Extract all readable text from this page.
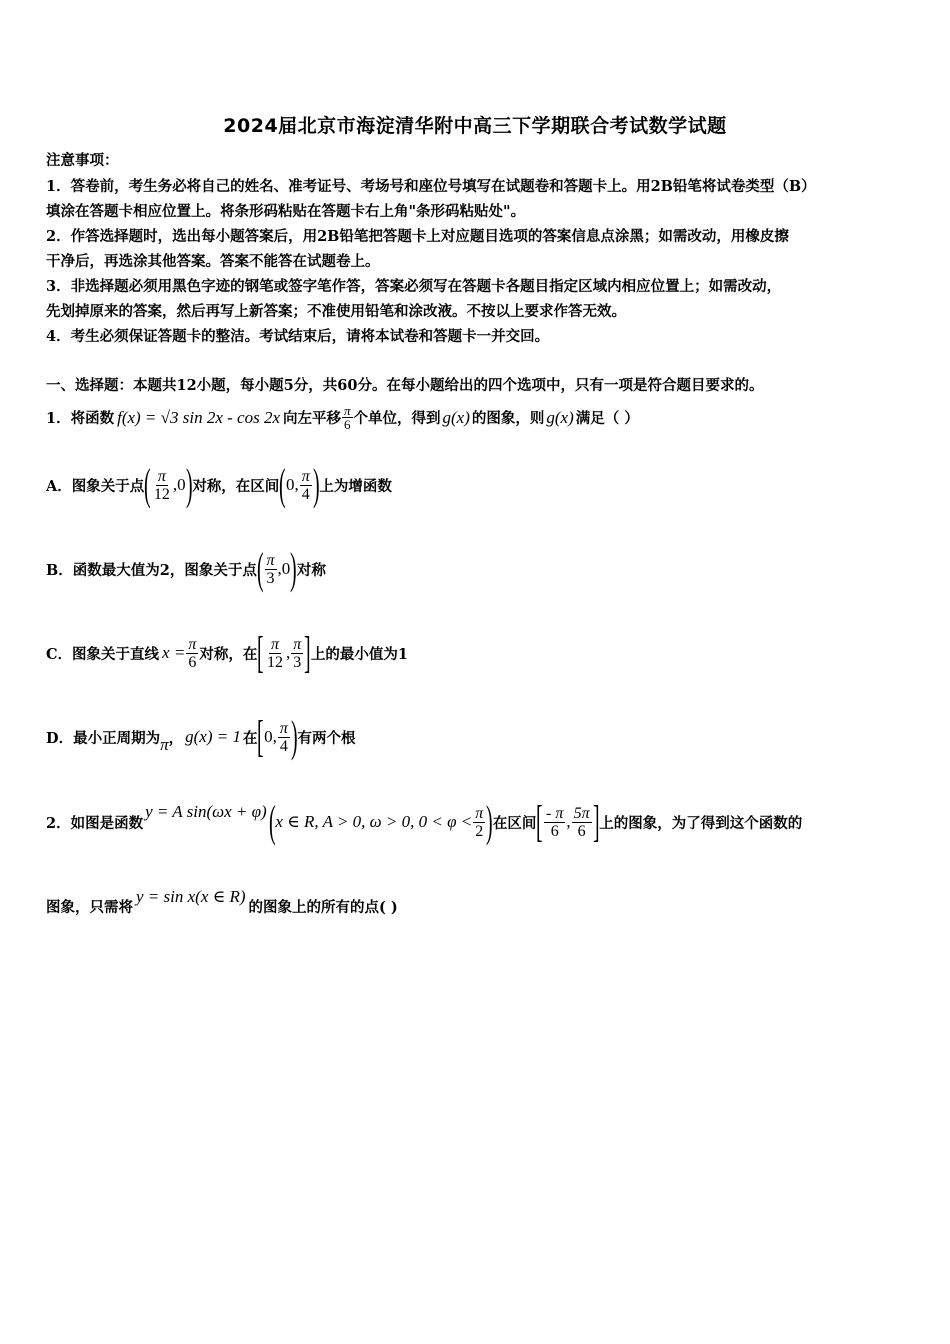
2024届北京市海淀清华附中高三下学期联合考试数学试题
注意事项：
1．答卷前，考生务必将自己的姓名、准考证号、考场号和座位号填写在试题卷和答题卡上。用2B铅笔将试卷类型（B）
填涂在答题卡相应位置上。将条形码粘贴在答题卡右上角"条形码粘贴处"。
2．作答选择题时，选出每小题答案后，用2B铅笔把答题卡上对应题目选项的答案信息点涂黑；如需改动，用橡皮擦
干净后，再选涂其他答案。答案不能答在试题卷上。
3．非选择题必须用黑色字迹的钢笔或签字笔作答，答案必须写在答题卡各题目指定区域内相应位置上；如需改动，
先划掉原来的答案，然后再写上新答案；不准使用铅笔和涂改液。不按以上要求作答无效。
4．考生必须保证答题卡的整洁。考试结束后，请将本试卷和答题卡一并交回。
一、选择题：本题共12小题，每小题5分，共60分。在每小题给出的四个选项中，只有一项是符合题目要求的。
1．将函数 f(x) = √3 sin 2x - cos 2x 向左平移 $\frac{\pi}{6}$ 个单位，得到 g(x) 的图象，则 g(x) 满足（ ）
A．图象关于点 ( $\frac{\pi}{12} ,0$ ) 对称，在区间 ( 0, $\frac{\pi}{4}$ ) 上为增函数
B．函数最大值为2，图象关于点 ( $\frac{\pi}{3} ,0$ ) 对称
C．图象关于直线 $x = \frac{\pi}{6}$ 对称，在 [ $\frac{\pi}{12}$ , $\frac{\pi}{3}$ ] 上的最小值为1
D．最小正周期为 π ， g(x) = 1 在 [ 0, $\frac{\pi}{4}$ ) 有两个根
2．如图是函数
y = A sin(ωx + φ) ( x ∈ R, A > 0, ω > 0, $0 < \varphi < \frac{\pi}{2}$ ) 在区间 [ $\frac{- \pi}{6}$ , $\frac{5\pi}{6}$ ] 上的图象，为了得到这个函数的
图象，只需将
y = sin x(x ∈ R)
的图象上的所有的点( )
